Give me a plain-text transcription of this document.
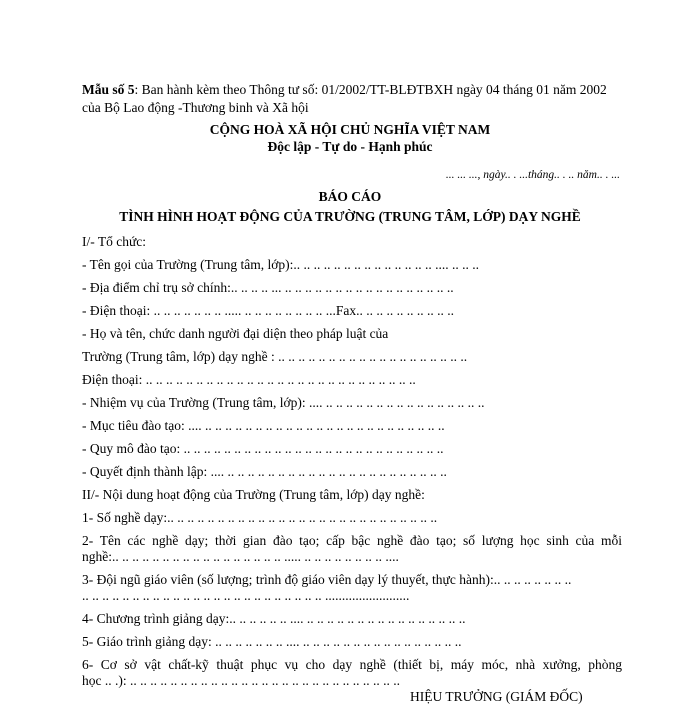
Mẫu số 5: Ban hành kèm theo Thông tư số: 01/2002/TT-BLĐTBXH ngày 04 tháng 01 năm 2002
của Bộ Lao động -Thương binh và Xã hội
CỘNG HOÀ XÃ HỘI CHỦ NGHĨA VIỆT NAM
Độc lập - Tự do - Hạnh phúc
... ... ..., ngày.. . ...tháng.. . .. năm.. . ...
BÁO CÁO
TÌNH HÌNH HOẠT ĐỘNG CỦA TRƯỜNG (TRUNG TÂM, LỚP) DẠY NGHỀ
I/- Tổ chức:
- Tên gọi của Trường (Trung tâm, lớp):.. .. .. .. .. .. .. .. .. .. .. .. .. .. .... .. .. ..
- Địa điểm chỉ trụ sở chính:.. .. .. .. ... .. .. .. .. .. .. .. .. .. .. .. .. .. .. .. .. ..
- Điện thoại: .. .. .. .. .. .. .. ..... .. .. .. .. .. .. .. .. ...Fax.. .. .. .. .. .. .. .. .. ..
- Họ và tên, chức danh người đại diện theo pháp luật của
Trường (Trung tâm, lớp) dạy nghề : .. .. .. .. .. .. .. .. .. .. .. .. .. .. .. .. .. .. ..
Điện thoại: .. .. .. .. .. .. .. .. .. .. .. .. .. .. .. .. .. .. .. .. .. .. .. .. .. .. ..
- Nhiệm vụ của Trường (Trung tâm, lớp): .... .. .. .. .. .. .. .. .. .. .. .. .. .. .. .. ..
- Mục tiêu đào tạo: .... .. .. .. .. .. .. .. .. .. .. .. .. .. .. .. .. .. .. .. .. .. .. .. ..
- Quy mô đào tạo: .. .. .. .. .. .. .. .. .. .. .. .. .. .. .. .. .. .. .. .. .. .. .. .. .. ..
- Quyết định thành lập: .... .. .. .. .. .. .. .. .. .. .. .. .. .. .. .. .. .. .. .. .. .. ..
II/- Nội dung hoạt động của Trường (Trung tâm, lớp) dạy nghề:
1- Số nghề dạy:.. .. .. .. .. .. .. .. .. .. .. .. .. .. .. .. .. .. .. .. .. .. .. .. .. .. ..
2- Tên các nghề dạy; thời gian đào tạo; cấp bậc nghề đào tạo; số lượng học sinh của mỗi
nghề:.. .. .. .. .. .. .. .. .. .. .. .. .. .. .. .. .. ..... .. .. .. .. .. .. .. .. ....
3- Đội ngũ giáo viên (số lượng; trình độ giáo viên dạy lý thuyết, thực hành):.. .. .. .. .. .. .. ..
.. .. .. .. .. .. .. .. .. .. .. .. .. .. .. .. .. .. .. .. .. .. .. .. .........................
4- Chương trình giảng dạy:.. .. .. .. .. .. .... .. .. .. .. .. .. .. .. .. .. .. .. .. .. .. ..
5- Giáo trình giảng dạy: .. .. .. .. .. .. .. .... .. .. .. .. .. .. .. .. .. .. .. .. .. .. .. ..
6- Cơ sở vật chất-kỹ thuật phục vụ cho dạy nghề (thiết bị, máy móc, nhà xưởng, phòng
học .. .): .. .. .. .. .. .. .. .. .. .. .. .. .. .. .. .. .. .. .. .. .. .. .. .. .. .. ..
HIỆU TRƯỞNG (GIÁM ĐỐC)
